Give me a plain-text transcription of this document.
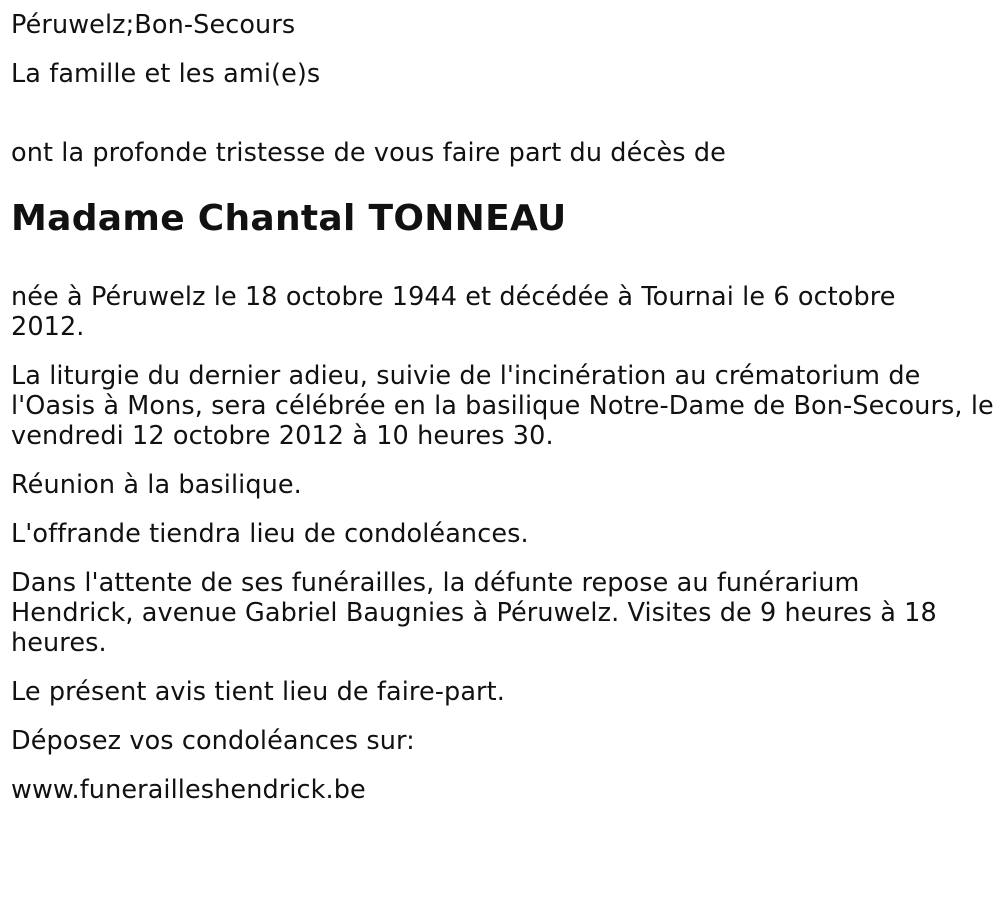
Péruwelz;Bon-Secours

La famille et les ami(e)s

ont la profonde tristesse de vous faire part du décès de

Madame Chantal TONNEAU

née à Péruwelz le 18 octobre 1944 et décédée à Tournai le 6 octobre 2012.

La liturgie du dernier adieu, suivie de l'incinération au crématorium de l'Oasis à Mons, sera célébrée en la basilique Notre-Dame de Bon-Secours, le vendredi 12 octobre 2012 à 10 heures 30.

Réunion à la basilique.

L'offrande tiendra lieu de condoléances.

Dans l'attente de ses funérailles, la défunte repose au funérarium Hendrick, avenue Gabriel Baugnies à Péruwelz. Visites de 9 heures à 18 heures.

Le présent avis tient lieu de faire-part.

Déposez vos condoléances sur:

www.funerailleshendrick.be
